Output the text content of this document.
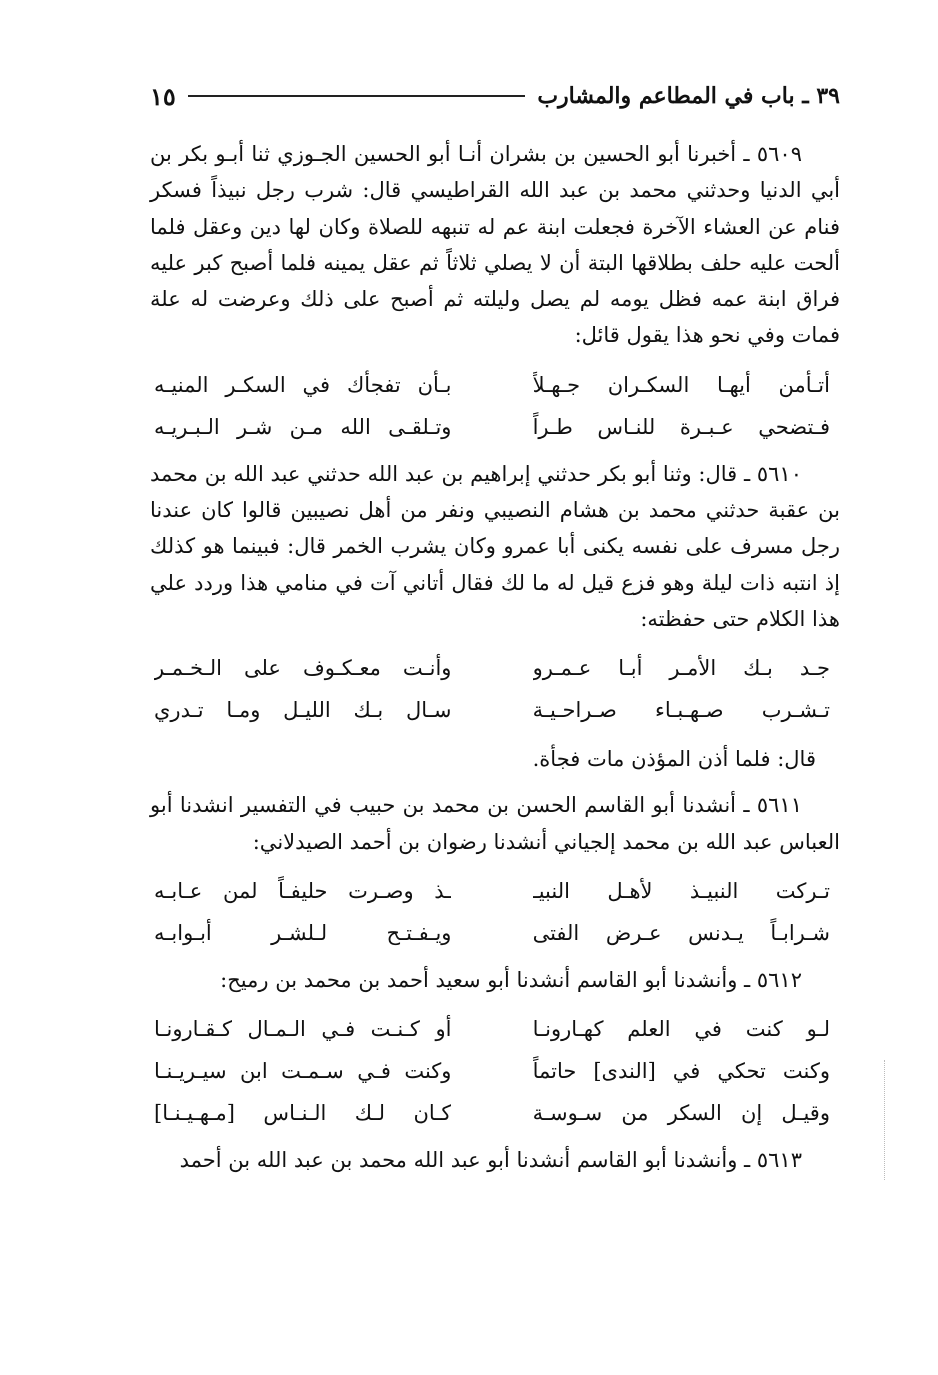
٣٩ ـ باب في المطاعم والمشارب
١٥

٥٦٠٩ ـ أخبرنا أبو الحسين بن بشران أنـا أبو الحسين الجـوزي ثنا أبـو بكر بن أبي الدنيا وحدثني محمد بن عبد الله القراطيسي قال: شرب رجل نبيذاً فسكر فنام عن العشاء الآخرة فجعلت ابنة عم له تنبهه للصلاة وكان لها دين وعقل فلما ألحت عليه حلف بطلاقها البتة أن لا يصلي ثلاثاً ثم عقل يمينه فلما أصبح كبر عليه فراق ابنة عمه فظل يومه لم يصل وليلته ثم أصبح على ذلك وعرضت له علة فمات وفي نحو هذا يقول قائل:

أتـأمن أيهـا السكـران جـهـلاً
بـأن تفجأك في السكـر المنيـه
فـتضحي عـبـرة للنـاس طـراً
وتـلقـى الله مـن شـر الـبـريـه

٥٦١٠ ـ قال: وثنا أبو بكر حدثني إبراهيم بن عبد الله حدثني عبد الله بن محمد بن عقبة حدثني محمد بن هشام النصيبي ونفر من أهل نصيبين قالوا كان عندنا رجل مسرف على نفسه يكنى أبا عمرو وكان يشرب الخمر قال: فبينما هو كذلك إذ انتبه ذات ليلة وهو فزع قيل له ما لك فقال أتاني آت في منامي هذا وردد علي هذا الكلام حتى حفظته:

جـد بـك الأمـر أبـا عـمـرو
وأنـت معـكـوف على الـخـمـر
تـشـرب صـهـبـاء صـراحـيـة
سـال بـك الليـل ومـا تـدري
قال: فلما أذن المؤذن مات فجأة.

٥٦١١ ـ أنشدنا أبو القاسم الحسن بن محمد بن حبيب في التفسير انشدنا أبو العباس عبد الله بن محمد إلجياني أنشدنا رضوان بن أحمد الصيدلاني:

تـركت النبيـذ لأهـل النبيـ
ـذ وصـرت حليفـاً لمن عـابـه
شـرابـاً يـدنس عـرض الفتى
ويـفـتـح لـلشـر أبـوابـه

٥٦١٢ ـ وأنشدنا أبو القاسم أنشدنا أبو سعيد أحمد بن محمد بن رميح:

لـو كنت في العلم كهـارونـا
أو كـنـت فـي الـمـال كـقـارونـا
وكنت تحكي في [الندى] حاتماً
وكنت فـي سـمـت ابن سيـريـنـا
وقيـل إن السكر من سـوسـة
كـان لـك الـنـاس [مـهـيـنـا]

٥٦١٣ ـ وأنشدنا أبو القاسم أنشدنا أبو عبد الله محمد بن عبد الله بن أحمد
